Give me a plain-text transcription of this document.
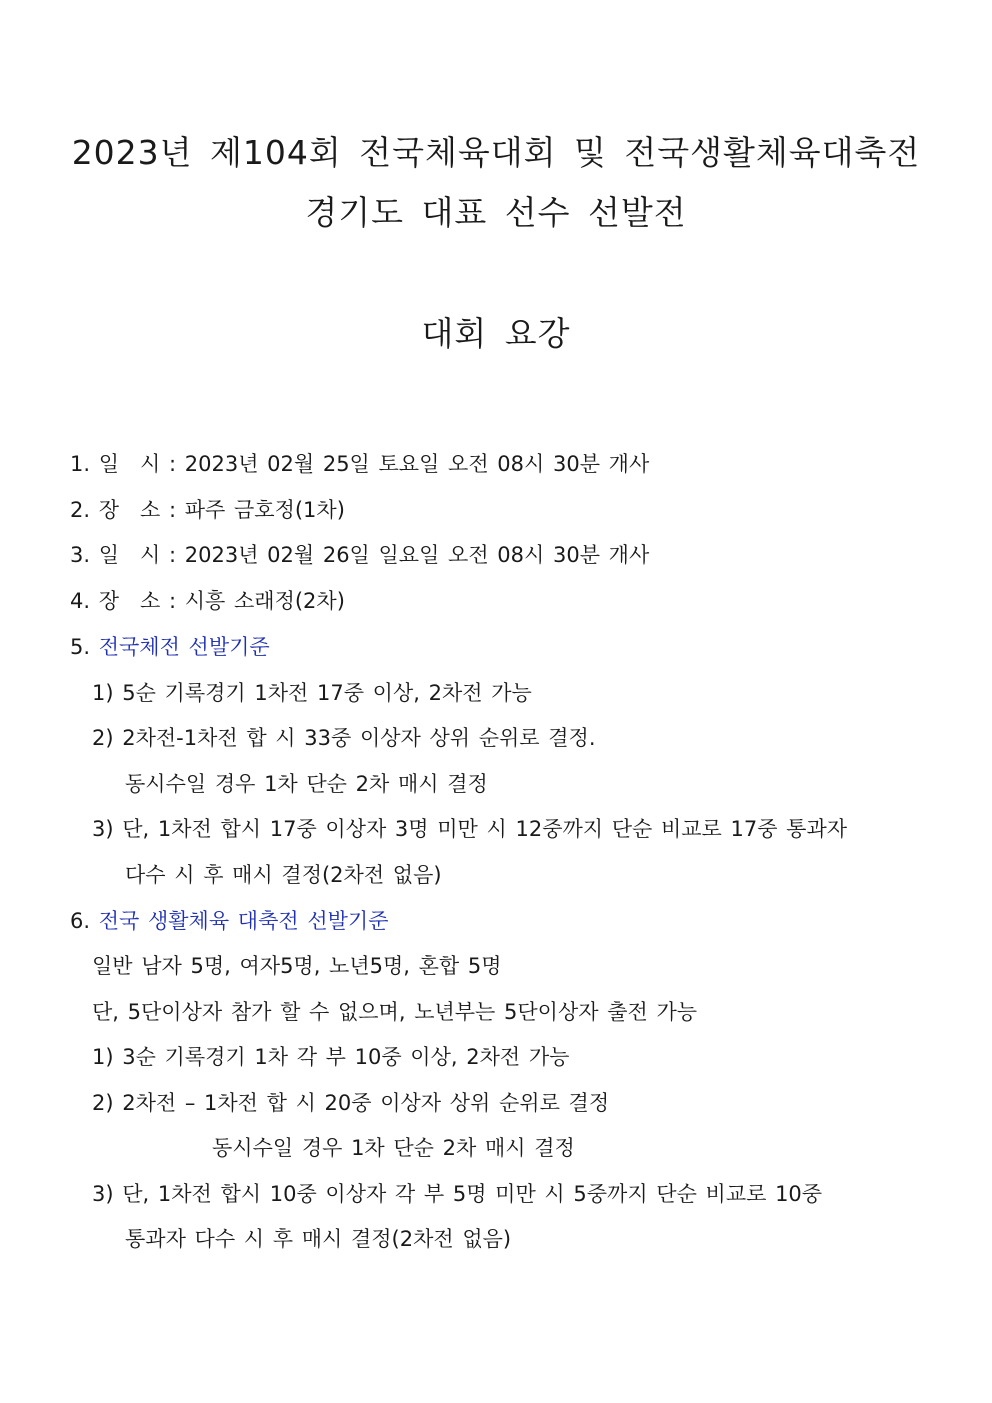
2023년 제104회 전국체육대회 및 전국생활체육대축전
경기도 대표 선수 선발전
대회 요강
1. 일　시 : 2023년 02월 25일 토요일 오전 08시 30분 개사
2. 장　소 : 파주 금호정(1차)
3. 일　시 : 2023년 02월 26일 일요일 오전 08시 30분 개사
4. 장　소 : 시흥 소래정(2차)
5. 전국체전 선발기준
1) 5순 기록경기 1차전 17중 이상, 2차전 가능
2) 2차전-1차전 합 시 33중 이상자 상위 순위로 결정.
동시수일 경우 1차 단순 2차 매시 결정
3) 단, 1차전 합시 17중 이상자 3명 미만 시 12중까지 단순 비교로 17중 통과자
다수 시 후 매시 결정(2차전 없음)
6. 전국 생활체육 대축전 선발기준
일반 남자 5명, 여자5명, 노년5명, 혼합 5명
단, 5단이상자 참가 할 수 없으며, 노년부는 5단이상자 출전 가능
1) 3순 기록경기 1차 각 부 10중 이상, 2차전 가능
2) 2차전 – 1차전 합 시 20중 이상자 상위 순위로 결정
동시수일 경우 1차 단순 2차 매시 결정
3) 단, 1차전 합시 10중 이상자 각 부 5명 미만 시 5중까지 단순 비교로 10중
통과자 다수 시 후 매시 결정(2차전 없음)
